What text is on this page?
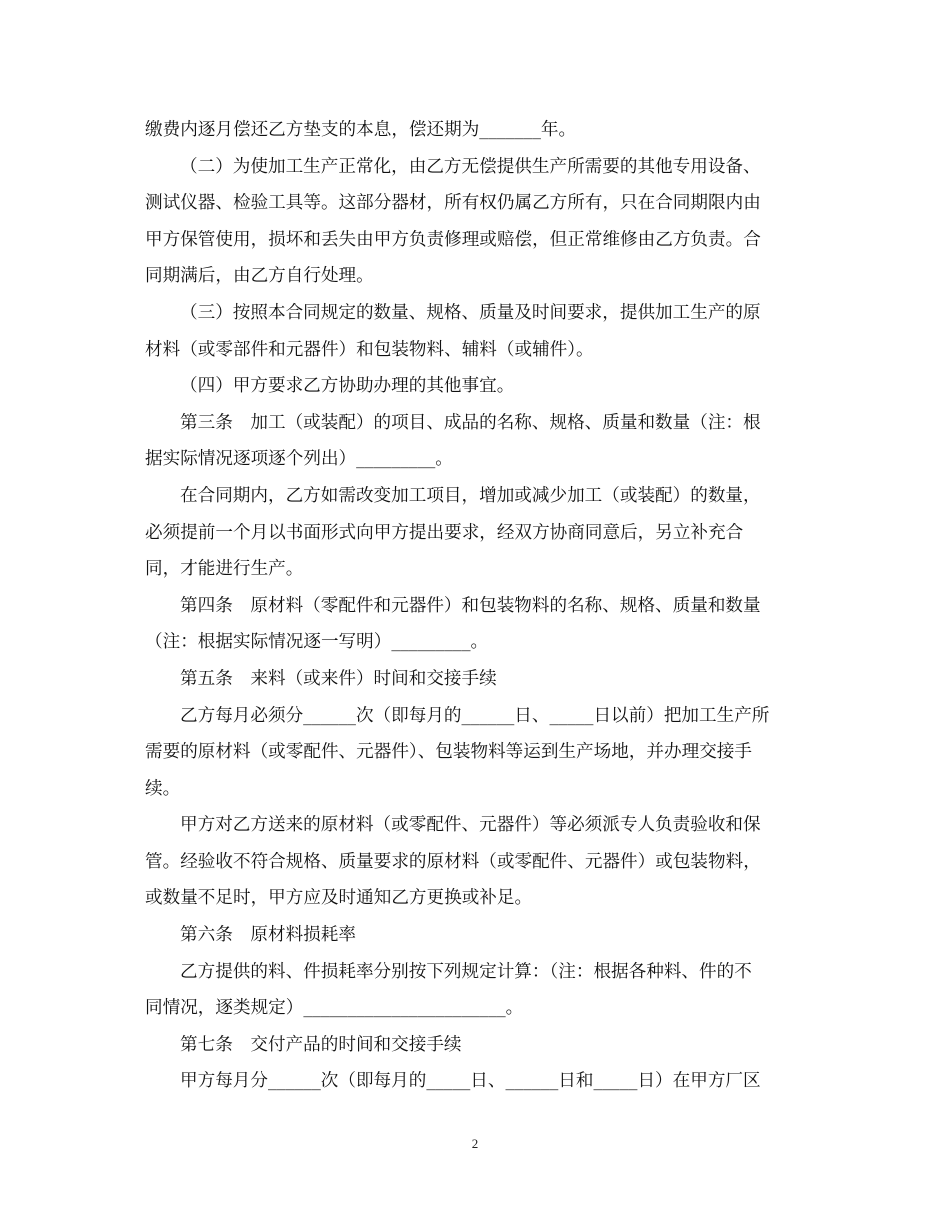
缴费内逐月偿还乙方垫支的本息，偿还期为_______年。
（二）为使加工生产正常化，由乙方无偿提供生产所需要的其他专用设备、
测试仪器、检验工具等。这部分器材，所有权仍属乙方所有，只在合同期限内由
甲方保管使用，损坏和丢失由甲方负责修理或赔偿，但正常维修由乙方负责。合
同期满后，由乙方自行处理。
（三）按照本合同规定的数量、规格、质量及时间要求，提供加工生产的原
材料（或零部件和元器件）和包装物料、辅料（或辅件）。
（四）甲方要求乙方协助办理的其他事宜。
第三条　加工（或装配）的项目、成品的名称、规格、质量和数量（注：根
据实际情况逐项逐个列出）_________。
在合同期内，乙方如需改变加工项目，增加或减少加工（或装配）的数量，
必须提前一个月以书面形式向甲方提出要求，经双方协商同意后，另立补充合
同，才能进行生产。
第四条　原材料（零配件和元器件）和包装物料的名称、规格、质量和数量
（注：根据实际情况逐一写明）_________。
第五条　来料（或来件）时间和交接手续
乙方每月必须分______次（即每月的______日、_____日以前）把加工生产所
需要的原材料（或零配件、元器件）、包装物料等运到生产场地，并办理交接手
续。
甲方对乙方送来的原材料（或零配件、元器件）等必须派专人负责验收和保
管。经验收不符合规格、质量要求的原材料（或零配件、元器件）或包装物料，
或数量不足时，甲方应及时通知乙方更换或补足。
第六条　原材料损耗率
乙方提供的料、件损耗率分别按下列规定计算：（注：根据各种料、件的不
同情况，逐类规定）_______________________。
第七条　交付产品的时间和交接手续
甲方每月分______次（即每月的_____日、______日和_____日）在甲方厂区
2
